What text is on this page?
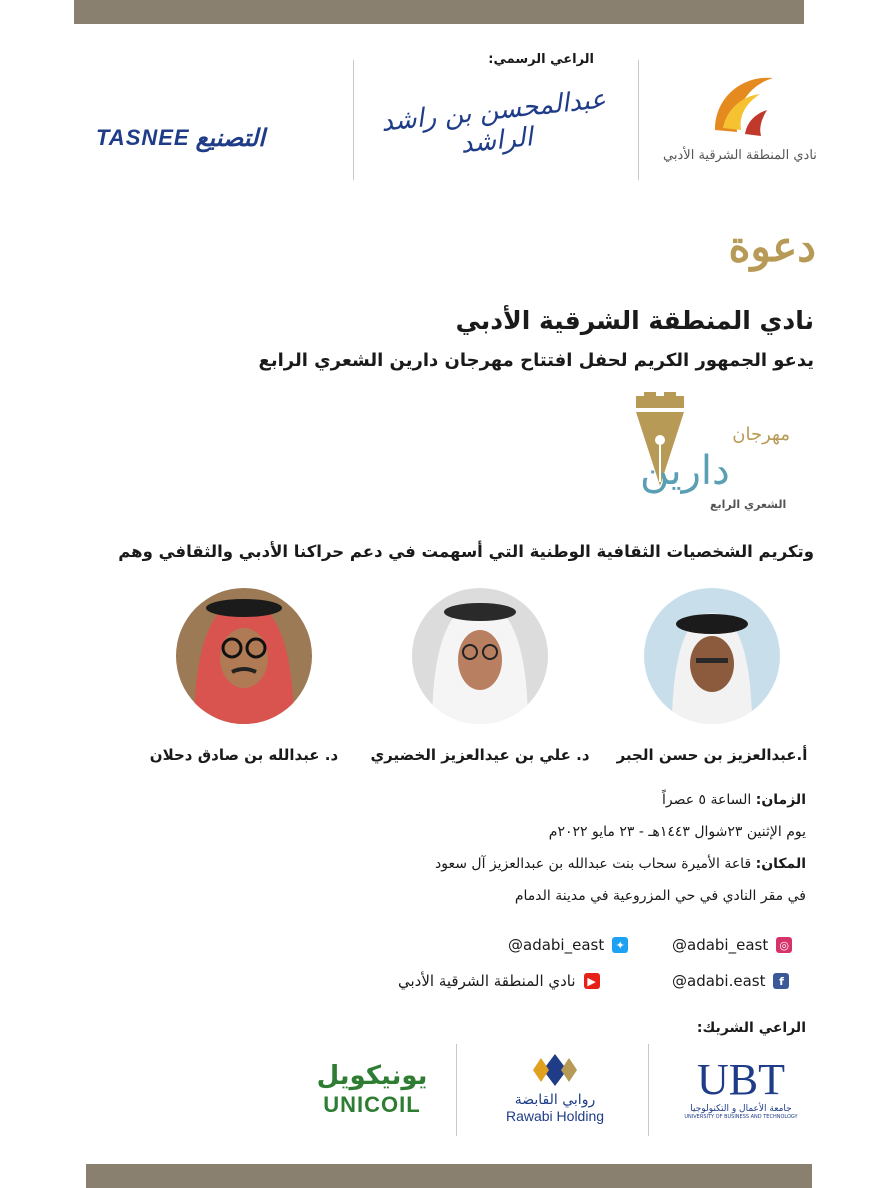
نادي المنطقة الشرقية الأدبي
الراعي الرسمي:
عبدالمحسن بن راشد الراشد
TASNEE التصنيع
دعوة
نادي المنطقة الشرقية الأدبي
يدعو الجمهور الكريم لحفل افتتاح مهرجان دارين الشعري الرابع
مهرجان
دارين
الشعري الرابع
وتكريم الشخصيات الثقافية الوطنية التي أسهمت في دعم حراكنا الأدبي والثقافي وهم
أ.عبدالعزيز بن حسن الجبر
د. علي بن عيدالعزيز الخضيري
د. عبدالله بن صادق دحلان
الزمان: الساعة ٥ عصراً
يوم الإثنين ٢٣شوال ١٤٤٣هـ - ٢٣ مايو ٢٠٢٢م
المكان: قاعة الأميرة سحاب بنت عبدالله بن عبدالعزيز آل سعود
في مقر النادي في حي المزروعية في مدينة الدمام
@adabi_east ◎
@adabi_east	✦
@adabi.east	f
▶
نادي المنطقة الشرقية الأدبي
الراعي الشريك:
UBT
جامعة الأعمال و التكنولوجيا
UNIVERSITY OF BUSINESS AND TECHNOLOGY
روابي القابضة
Rawabi Holding
يونيكويل
UNICOIL
